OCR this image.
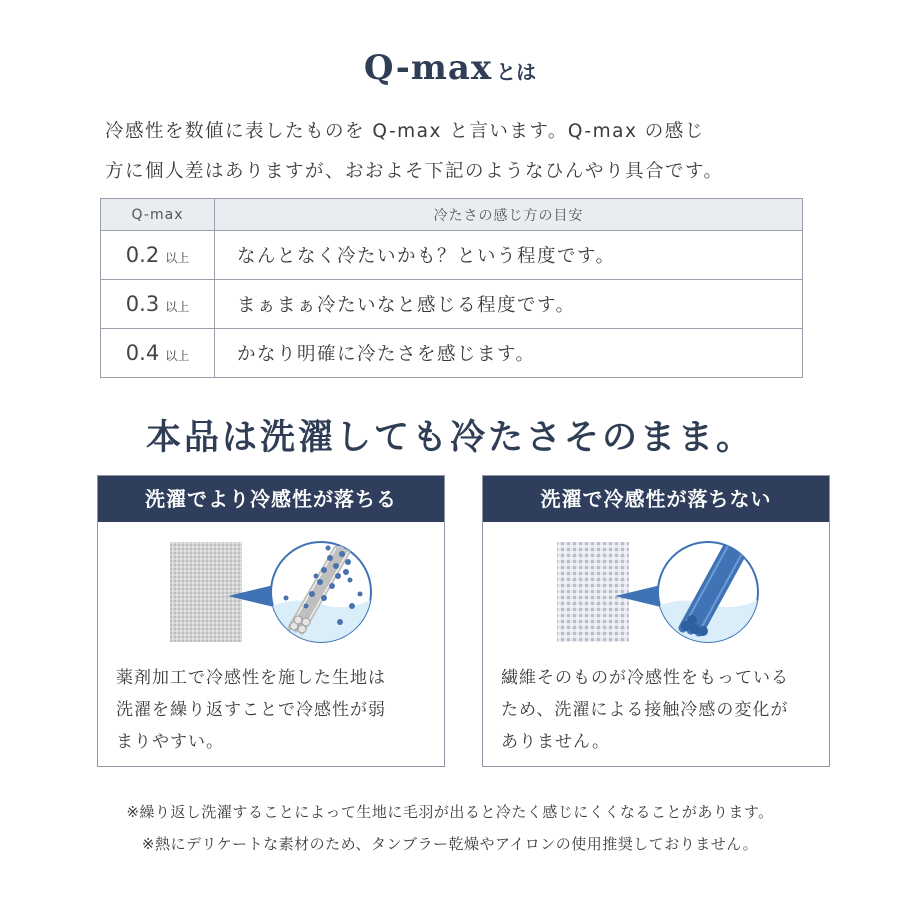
Q-max とは

冷感性を数値に表したものを Q-max と言います。Q-max の感じ

方に個人差はありますが、おおよそ下記のようなひんやり具合です。

Q-max	冷たさの感じ方の目安
0.2 以上	なんとなく冷たいかも？という程度です。
0.3 以上	まぁまぁ冷たいなと感じる程度です。
0.4 以上	かなり明確に冷たさを感じます。
本品は洗濯しても冷たさそのまま。
洗濯でより冷感性が落ちる

薬剤加工で冷感性を施した生地は

洗濯を繰り返すことで冷感性が弱

まりやすい。

洗濯で冷感性が落ちない

繊維そのものが冷感性をもっている

ため、洗濯による接触冷感の変化が

ありません。

※繰り返し洗濯することによって生地に毛羽が出ると冷たく感じにくくなることがあります。

※熱にデリケートな素材のため、タンブラー乾燥やアイロンの使用推奨しておりません。
